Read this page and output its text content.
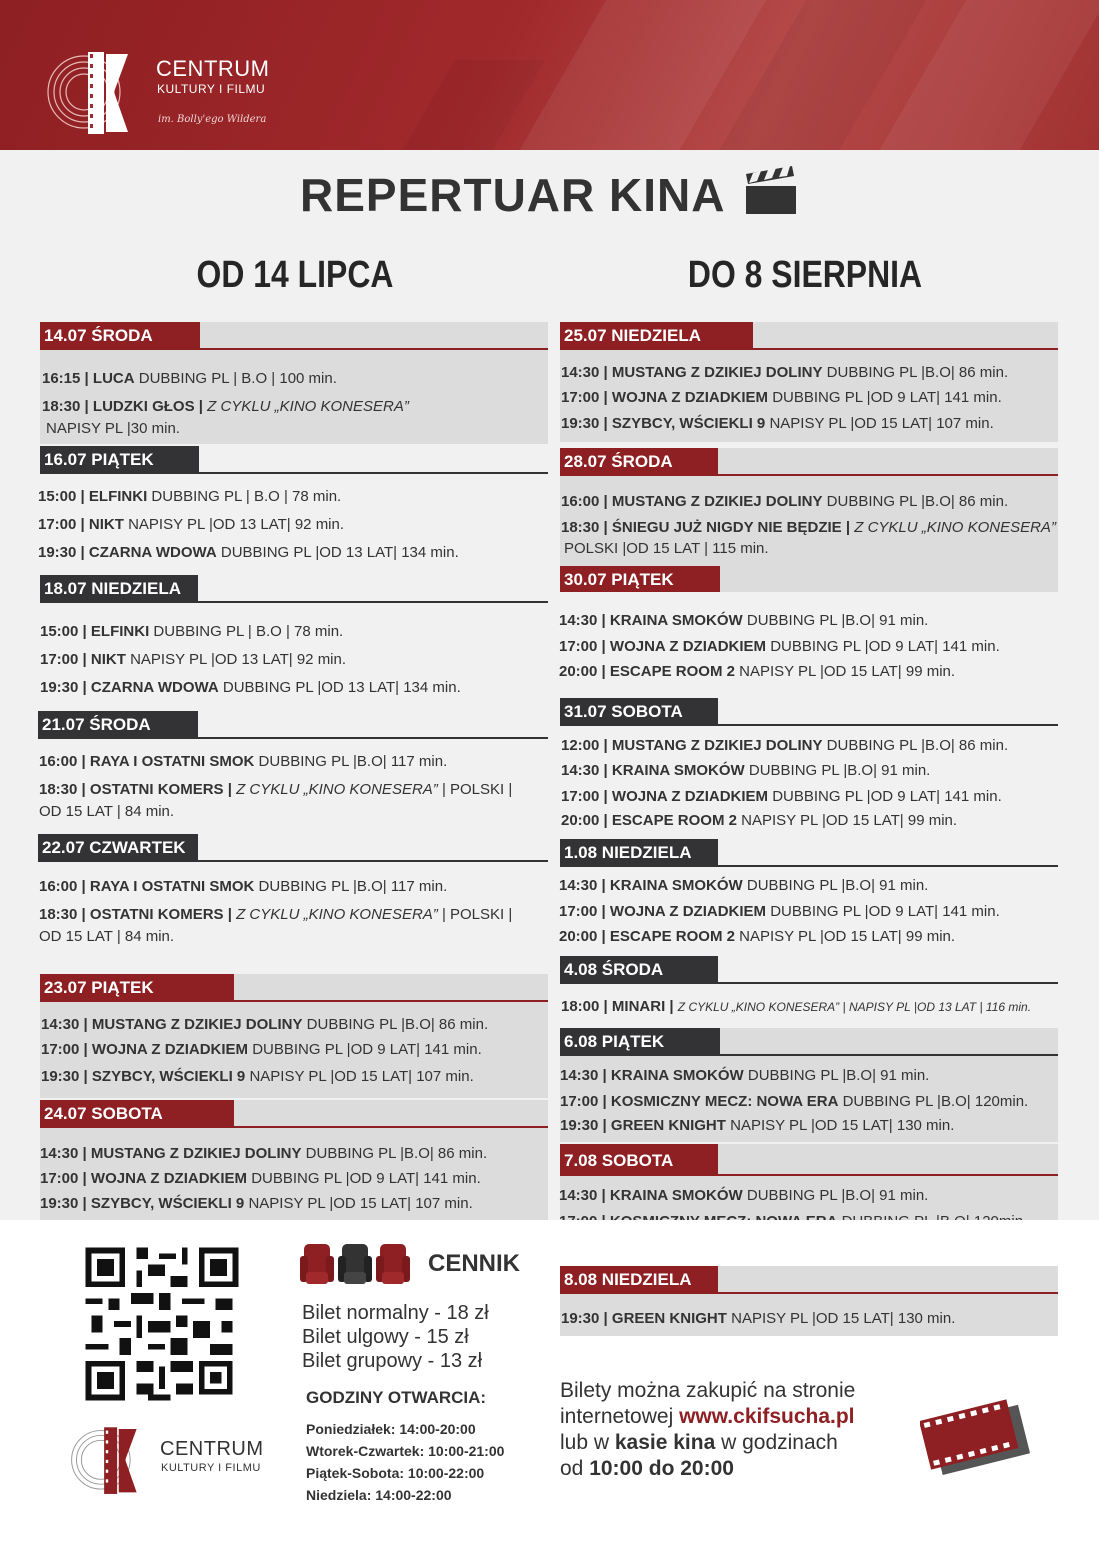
CENTRUM
KULTURY I FILMU
im. Bolly'ego Wildera
REPERTUAR KINA
OD 14 LIPCA	DO 8 SIERPNIA
14.07 ŚRODA
16:15 | LUCA DUBBING PL | B.O | 100 min.
18:30 | LUDZKI GŁOS | Z CYKLU „KINO KONESERA”
NAPISY PL |30 min.
16.07 PIĄTEK
15:00 | ELFINKI DUBBING PL | B.O | 78 min.
17:00 | NIKT NAPISY PL |OD 13 LAT| 92 min.
19:30 | CZARNA WDOWA DUBBING PL |OD 13 LAT| 134 min.
18.07 NIEDZIELA
15:00 | ELFINKI DUBBING PL | B.O | 78 min.
17:00 | NIKT NAPISY PL |OD 13 LAT| 92 min.
19:30 | CZARNA WDOWA DUBBING PL |OD 13 LAT| 134 min.
21.07 ŚRODA
16:00 | RAYA I OSTATNI SMOK DUBBING PL |B.O| 117 min.
18:30 | OSTATNI KOMERS | Z CYKLU „KINO KONESERA” | POLSKI |
OD 15 LAT | 84 min.
22.07 CZWARTEK
16:00 | RAYA I OSTATNI SMOK DUBBING PL |B.O| 117 min.
18:30 | OSTATNI KOMERS | Z CYKLU „KINO KONESERA” | POLSKI |
OD 15 LAT | 84 min.
23.07 PIĄTEK
14:30 | MUSTANG Z DZIKIEJ DOLINY DUBBING PL |B.O| 86 min.
17:00 | WOJNA Z DZIADKIEM DUBBING PL |OD 9 LAT| 141 min.
19:30 | SZYBCY, WŚCIEKLI 9 NAPISY PL |OD 15 LAT| 107 min.
24.07 SOBOTA
14:30 | MUSTANG Z DZIKIEJ DOLINY DUBBING PL |B.O| 86 min.
17:00 | WOJNA Z DZIADKIEM DUBBING PL |OD 9 LAT| 141 min.
19:30 | SZYBCY, WŚCIEKLI 9 NAPISY PL |OD 15 LAT| 107 min.
25.07 NIEDZIELA
14:30 | MUSTANG Z DZIKIEJ DOLINY DUBBING PL |B.O| 86 min.
17:00 | WOJNA Z DZIADKIEM DUBBING PL |OD 9 LAT| 141 min.
19:30 | SZYBCY, WŚCIEKLI 9 NAPISY PL |OD 15 LAT| 107 min.
28.07 ŚRODA
16:00 | MUSTANG Z DZIKIEJ DOLINY DUBBING PL |B.O| 86 min.
18:30 | ŚNIEGU JUŻ NIGDY NIE BĘDZIE | Z CYKLU „KINO KONESERA”
POLSKI |OD 15 LAT | 115 min.
30.07 PIĄTEK
14:30 | KRAINA SMOKÓW DUBBING PL |B.O| 91 min.
17:00 | WOJNA Z DZIADKIEM DUBBING PL |OD 9 LAT| 141 min.
20:00 | ESCAPE ROOM 2 NAPISY PL |OD 15 LAT| 99 min.
31.07 SOBOTA
12:00 | MUSTANG Z DZIKIEJ DOLINY DUBBING PL |B.O| 86 min.
14:30 | KRAINA SMOKÓW DUBBING PL |B.O| 91 min.
17:00 | WOJNA Z DZIADKIEM DUBBING PL |OD 9 LAT| 141 min.
20:00 | ESCAPE ROOM 2 NAPISY PL |OD 15 LAT| 99 min.
1.08 NIEDZIELA
14:30 | KRAINA SMOKÓW DUBBING PL |B.O| 91 min.
17:00 | WOJNA Z DZIADKIEM DUBBING PL |OD 9 LAT| 141 min.
20:00 | ESCAPE ROOM 2 NAPISY PL |OD 15 LAT| 99 min.
4.08 ŚRODA
18:00 | MINARI | Z CYKLU „KINO KONESERA” | NAPISY PL |OD 13 LAT | 116 min.
6.08 PIĄTEK
14:30 | KRAINA SMOKÓW DUBBING PL |B.O| 91 min.
17:00 | KOSMICZNY MECZ: NOWA ERA DUBBING PL |B.O| 120min.
19:30 | GREEN KNIGHT NAPISY PL |OD 15 LAT| 130 min.
7.08 SOBOTA
14:30 | KRAINA SMOKÓW DUBBING PL |B.O| 91 min.
8.08 NIEDZIELA
19:30 | GREEN KNIGHT NAPISY PL |OD 15 LAT| 130 min.
CENNIK
Bilet normalny - 18 zł
Bilet ulgowy - 15 zł
Bilet grupowy - 13 zł
GODZINY OTWARCIA:
Poniedziałek: 14:00-20:00
Wtorek-Czwartek: 10:00-21:00
Piątek-Sobota: 10:00-22:00
Niedziela: 14:00-22:00
CENTRUM
KULTURY I FILMU
Bilety można zakupić na stronie
internetowej www.ckifsucha.pl
lub w kasie kina w godzinach
od 10:00 do 20:00
